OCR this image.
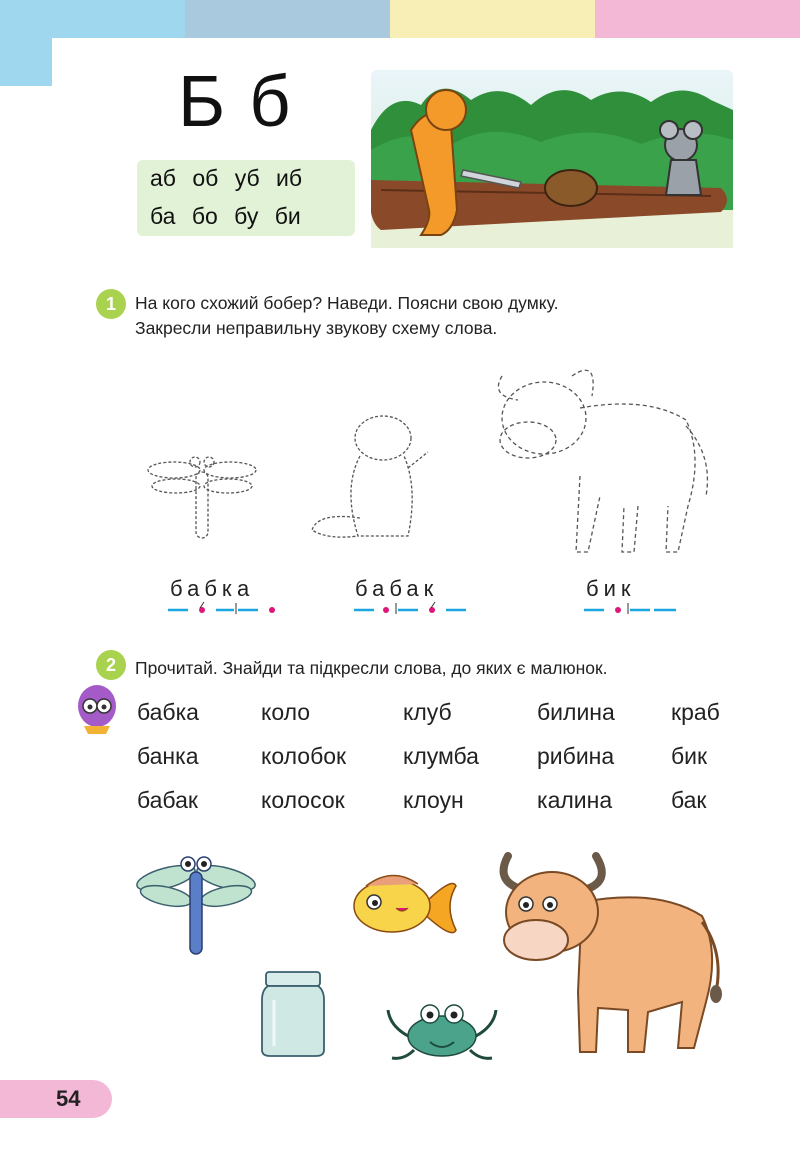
Б б
аб об уб иб
ба бо бу би
1	На кого схожий бобер? Наведи. Поясни свою думку.
Закресли неправильну звукову схему слова.
бабка	бабак	бик
2	Прочитай. Знайди та підкресли слова, до яких є малюнок.
бабка	коло	клуб	билина	краб
банка	колобок	клумба	рибина	бик
бабак	колосок	клоун	калина	бак
54
